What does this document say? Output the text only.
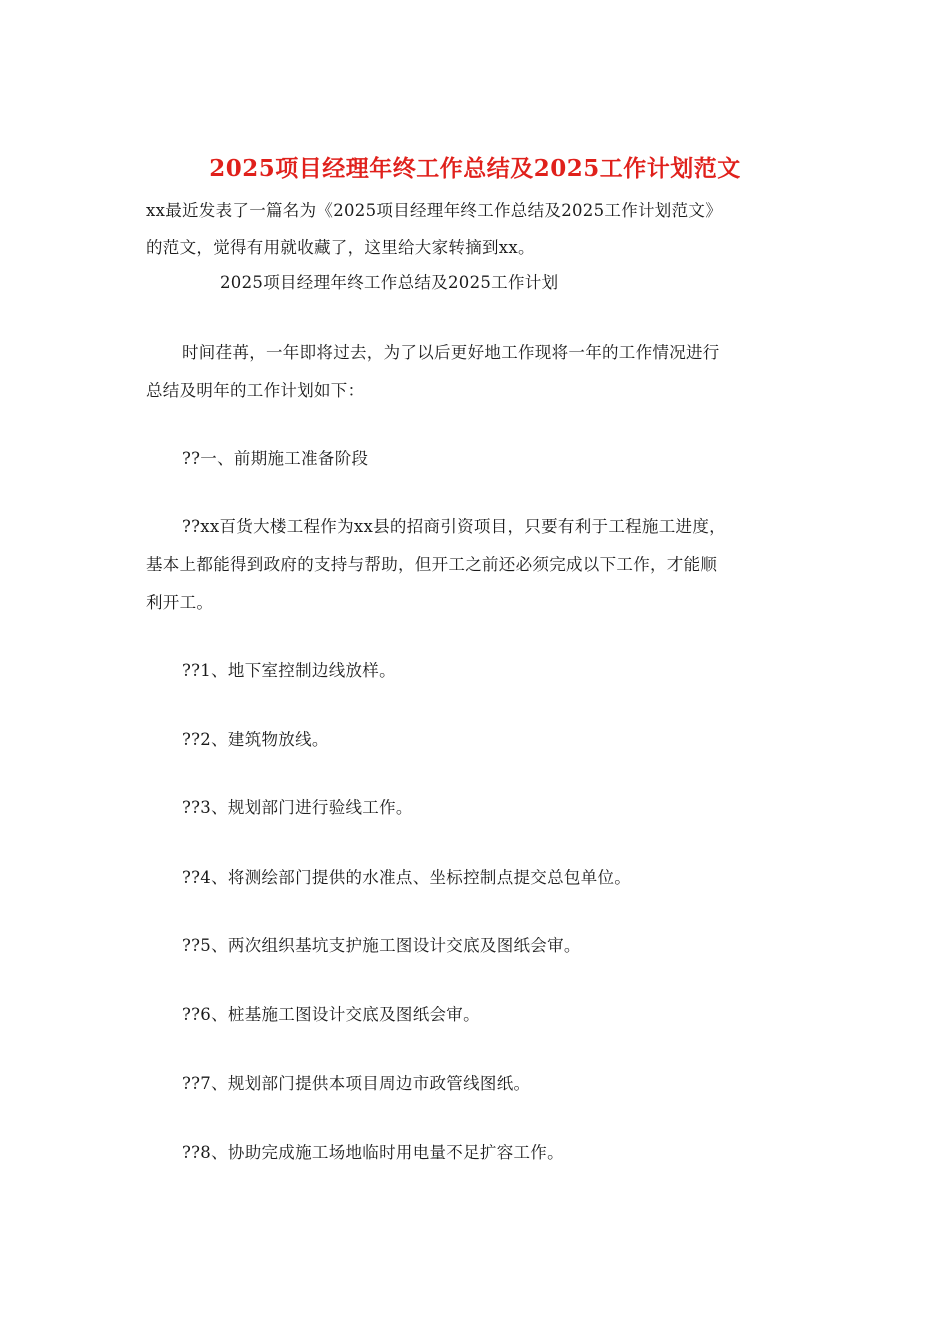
2025项目经理年终工作总结及2025工作计划范文
xx最近发表了一篇名为《2025项目经理年终工作总结及2025工作计划范文》
的范文，觉得有用就收藏了，这里给大家转摘到xx。
2025项目经理年终工作总结及2025工作计划
时间荏苒，一年即将过去，为了以后更好地工作现将一年的工作情况进行
总结及明年的工作计划如下：
??一、前期施工准备阶段
??xx百货大楼工程作为xx县的招商引资项目，只要有利于工程施工进度，
基本上都能得到政府的支持与帮助，但开工之前还必须完成以下工作，才能顺
利开工。
??1、地下室控制边线放样。
??2、建筑物放线。
??3、规划部门进行验线工作。
??4、将测绘部门提供的水准点、坐标控制点提交总包单位。
??5、两次组织基坑支护施工图设计交底及图纸会审。
??6、桩基施工图设计交底及图纸会审。
??7、规划部门提供本项目周边市政管线图纸。
??8、协助完成施工场地临时用电量不足扩容工作。
